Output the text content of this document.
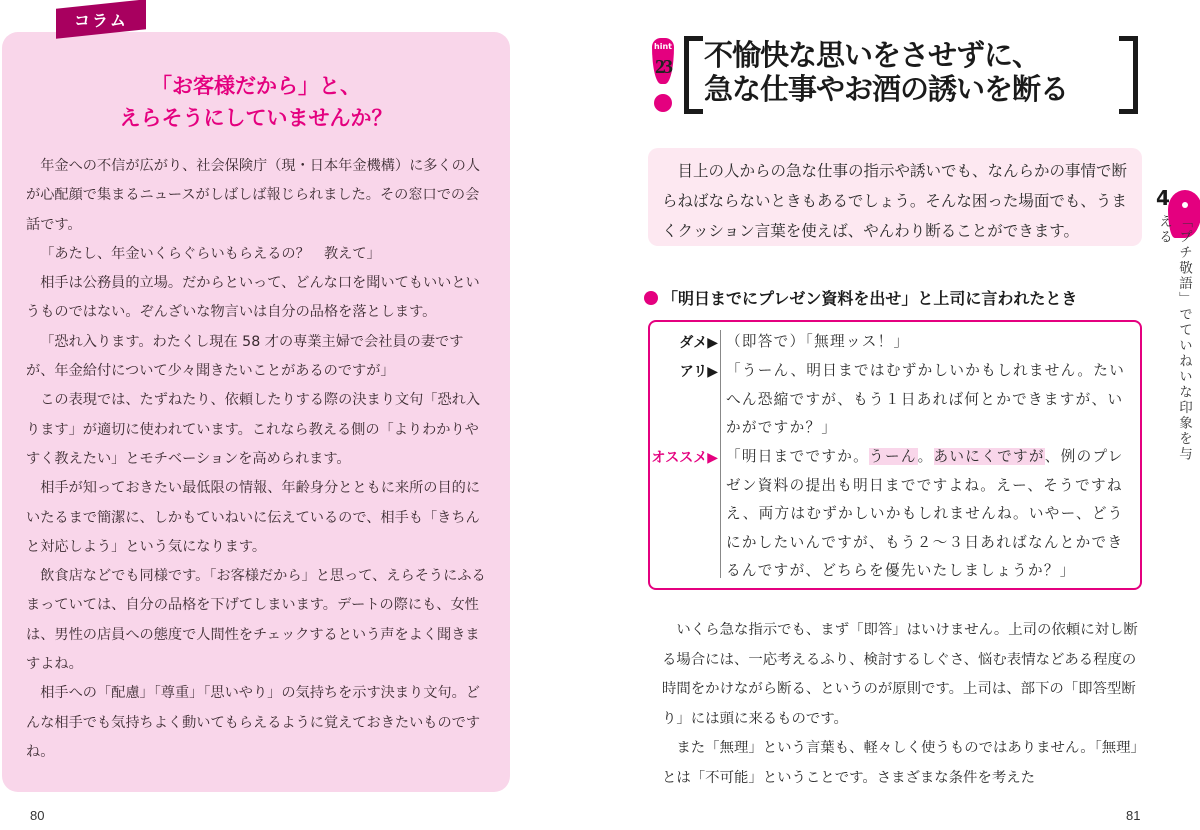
コラム
「お客様だから」と、
えらそうにしていませんか？

年金への不信が広がり、社会保険庁（現・日本年金機構）に多くの人が心配顔で集まるニュースがしばしば報じられました。その窓口での会話です。

「あたし、年金いくらぐらいもらえるの？　教えて」

相手は公務員的立場。だからといって、どんな口を聞いてもいいというものではない。ぞんざいな物言いは自分の品格を落とします。

「恐れ入ります。わたくし現在 58 才の専業主婦で会社員の妻ですが、年金給付について少々聞きたいことがあるのですが」

この表現では、たずねたり、依頼したりする際の決まり文句「恐れ入ります」が適切に使われています。これなら教える側の「よりわかりやすく教えたい」とモチベーションを高められます。

相手が知っておきたい最低限の情報、年齢身分とともに来所の目的にいたるまで簡潔に、しかもていねいに伝えているので、相手も「きちんと対応しよう」という気になります。

飲食店などでも同様です。「お客様だから」と思って、えらそうにふるまっていては、自分の品格を下げてしまいます。デートの際にも、女性は、男性の店員への態度で人間性をチェックするという声をよく聞きますよね。

相手への「配慮」「尊重」「思いやり」の気持ちを示す決まり文句。どんな相手でも気持ちよく動いてもらえるように覚えておきたいものですね。

80
hint
23 不愉快な思いをさせずに、
急な仕事やお酒の誘いを断る

目上の人からの急な仕事の指示や誘いでも、なんらかの事情で断らねばならないときもあるでしょう。そんな困った場面でも、うまくクッション言葉を使えば、やんわり断ることができます。

「明日までにプレゼン資料を出せ」と上司に言われたとき
ダメ▶ （即答で）「無理ッス！」
アリ▶ 「うーん、明日まではむずかしいかもしれません。たいへん恐縮ですが、もう１日あれば何とかできますが、いかがですか？」
オススメ▶ 「明日までですか。うーん。あいにくですが、例のプレゼン資料の提出も明日までですよね。えー、そうですねえ、両方はむずかしいかもしれませんね。いやー、どうにかしたいんですが、もう２〜３日あればなんとかできるんですが、どちらを優先いたしましょうか？」

いくら急な指示でも、まず「即答」はいけません。上司の依頼に対し断る場合には、一応考えるふり、検討するしぐさ、悩む表情などある程度の時間をかけながら断る、というのが原則です。上司は、部下の「即答型断り」には頭に来るものです。

また「無理」という言葉も、軽々しく使うものではありません。「無理」とは「不可能」ということです。さまざまな条件を考えた

4
「プチ敬語」でていねいな印象を与える
81
